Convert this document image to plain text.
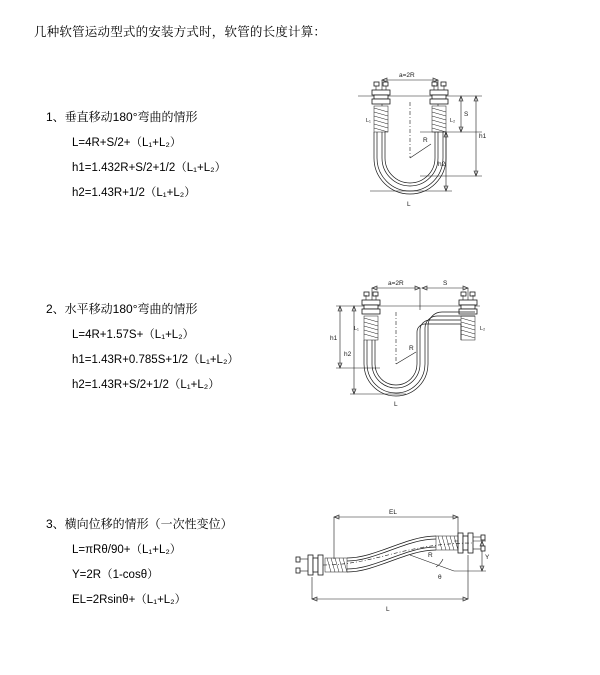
几种软管运动型式的安装方式时，软管的长度计算：
1、垂直移动180°弯曲的情形
L=4R+S/2+（L₁+L₂）
h1=1.432R+S/2+1/2（L₁+L₂）
h2=1.43R+1/2（L₁+L₂）
a=2R
S
h1
h2
R
L
L₁	L₂
2、水平移动180°弯曲的情形
L=4R+1.57S+（L₁+L₂）
h1=1.43R+0.785S+1/2（L₁+L₂）
h2=1.43R+S/2+1/2（L₁+L₂）
a=2R	S
h1
h2
R
L
L₁	L₂
3、横向位移的情形（一次性变位）
L=πRθ/90+（L₁+L₂）
Y=2R（1-cosθ）
EL=2Rsinθ+（L₁+L₂）
EL
Y
R
θ
L
